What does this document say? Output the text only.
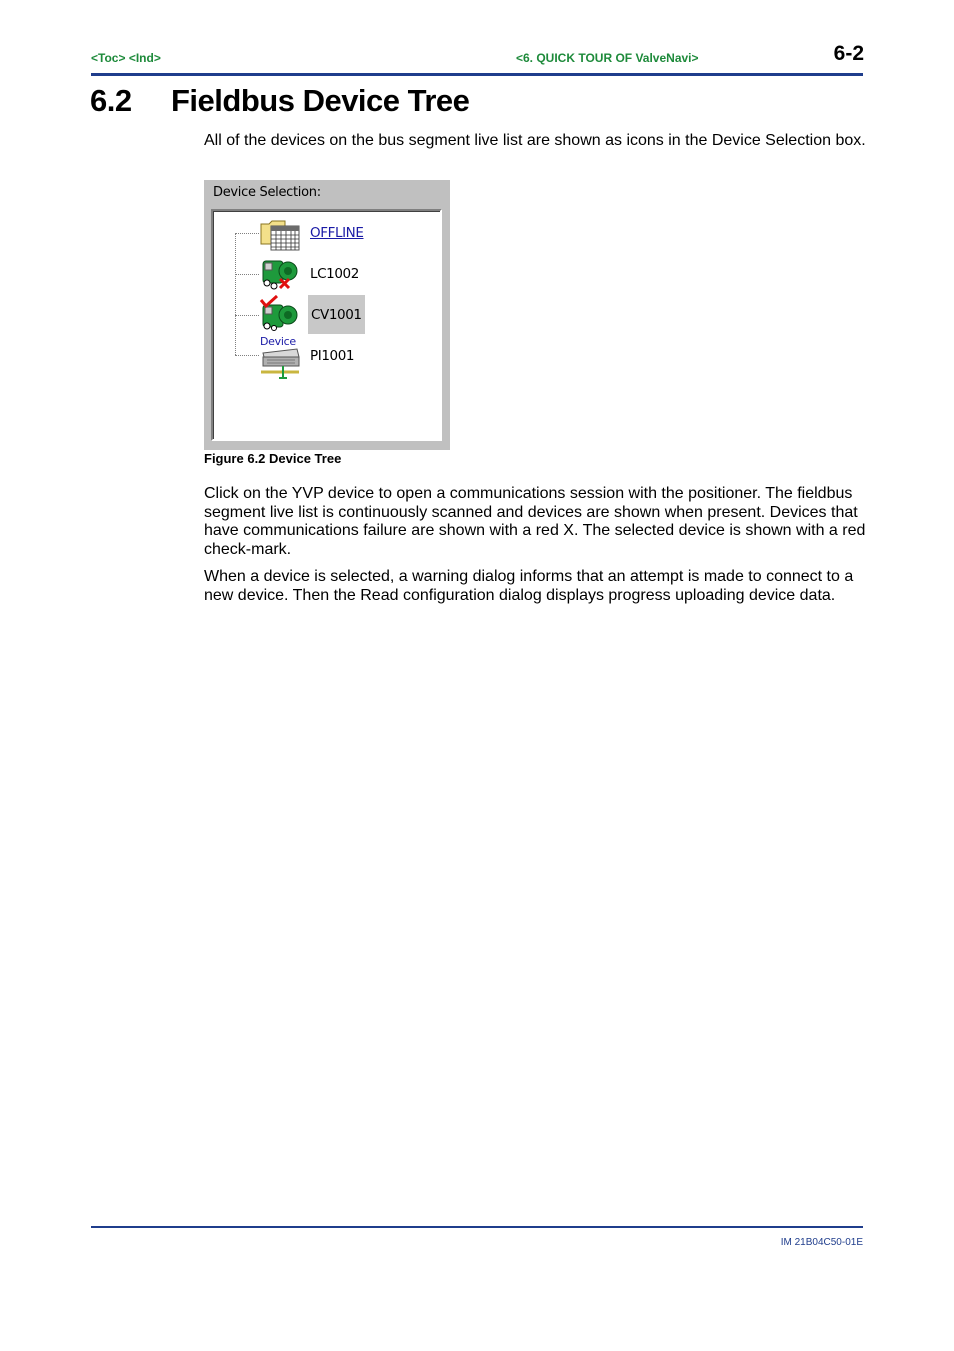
<Toc> <Ind>	<6. QUICK TOUR OF ValveNavi>	6-2
6.2 Fieldbus Device Tree
All of the devices on the bus segment live list are shown as icons in the Device Selection box.
Device Selection:
OFFLINE
LC1002
CV1001
Device
PI1001
Figure 6.2 Device Tree
Click on the YVP device to open a communications session with the positioner. The fieldbus segment live list is continuously scanned and devices are shown when present. Devices that have communications failure are shown with a red X. The selected device is shown with a red check-mark.
When a device is selected, a warning dialog informs that an attempt is made to connect to a new device. Then the Read configuration dialog displays progress uploading device data.
IM 21B04C50-01E
